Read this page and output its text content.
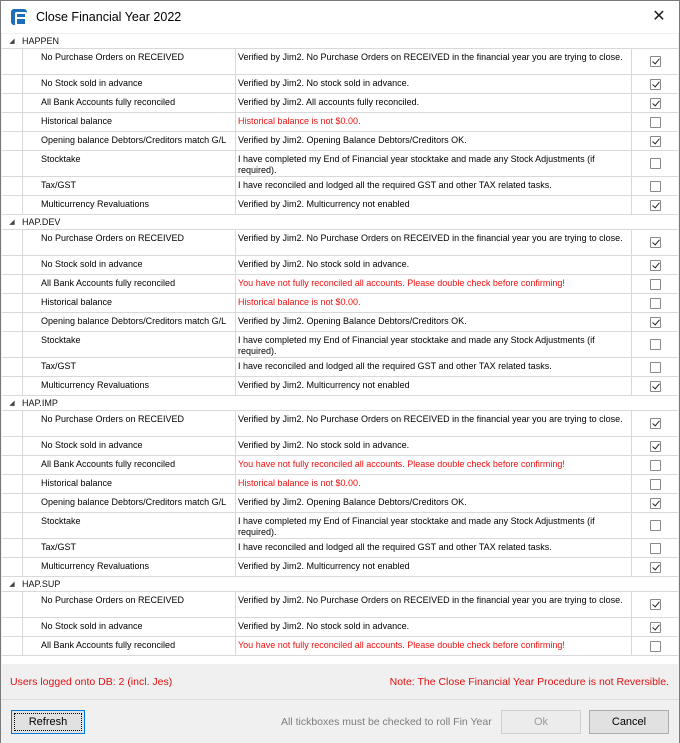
Close Financial Year 2022	✕
◢ HAPPEN
No Purchase Orders on RECEIVED	Verified by Jim2. No Purchase Orders on RECEIVED in the financial year you are trying to close.
No Stock sold in advance	Verified by Jim2. No stock sold in advance.
All Bank Accounts fully reconciled	Verified by Jim2. All accounts fully reconciled.
Historical balance	Historical balance is not $0.00.
Opening balance Debtors/Creditors match G/L	Verified by Jim2. Opening Balance Debtors/Creditors OK.
Stocktake	I have completed my End of Financial year stocktake and made any Stock Adjustments (if required).
Tax/GST	I have reconciled and lodged all the required GST and other TAX related tasks.
Multicurrency Revaluations	Verified by Jim2. Multicurrency not enabled
◢ HAP.DEV
No Purchase Orders on RECEIVED	Verified by Jim2. No Purchase Orders on RECEIVED in the financial year you are trying to close.
No Stock sold in advance	Verified by Jim2. No stock sold in advance.
All Bank Accounts fully reconciled	You have not fully reconciled all accounts. Please double check before confirming!
Historical balance	Historical balance is not $0.00.
Opening balance Debtors/Creditors match G/L	Verified by Jim2. Opening Balance Debtors/Creditors OK.
Stocktake	I have completed my End of Financial year stocktake and made any Stock Adjustments (if required).
Tax/GST	I have reconciled and lodged all the required GST and other TAX related tasks.
Multicurrency Revaluations	Verified by Jim2. Multicurrency not enabled
◢ HAP.IMP
No Purchase Orders on RECEIVED	Verified by Jim2. No Purchase Orders on RECEIVED in the financial year you are trying to close.
No Stock sold in advance	Verified by Jim2. No stock sold in advance.
All Bank Accounts fully reconciled	You have not fully reconciled all accounts. Please double check before confirming!
Historical balance	Historical balance is not $0.00.
Opening balance Debtors/Creditors match G/L	Verified by Jim2. Opening Balance Debtors/Creditors OK.
Stocktake	I have completed my End of Financial year stocktake and made any Stock Adjustments (if required).
Tax/GST	I have reconciled and lodged all the required GST and other TAX related tasks.
Multicurrency Revaluations	Verified by Jim2. Multicurrency not enabled
◢ HAP.SUP
No Purchase Orders on RECEIVED	Verified by Jim2. No Purchase Orders on RECEIVED in the financial year you are trying to close.
No Stock sold in advance	Verified by Jim2. No stock sold in advance.
All Bank Accounts fully reconciled	You have not fully reconciled all accounts. Please double check before confirming!
Users logged onto DB: 2 (incl. Jes)	Note: The Close Financial Year Procedure is not Reversible.
Refresh	All tickboxes must be checked to roll Fin Year	Ok	Cancel
